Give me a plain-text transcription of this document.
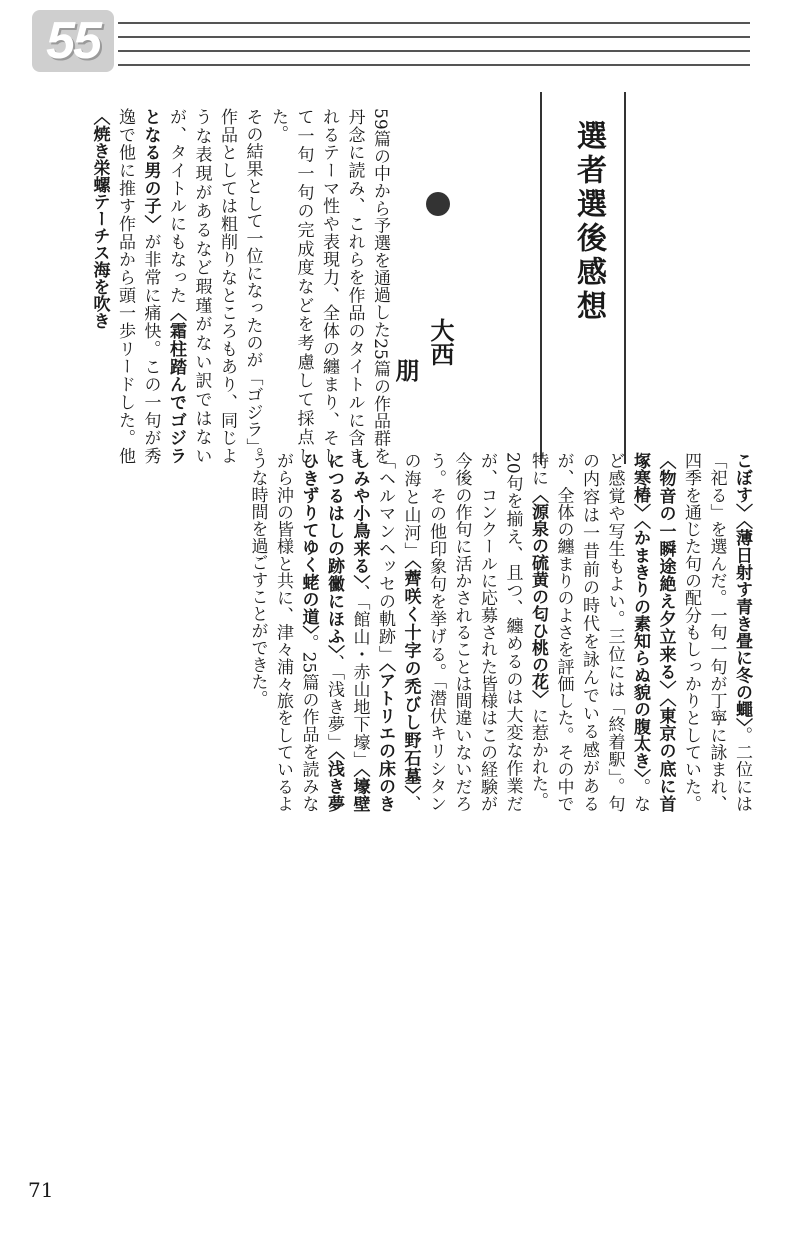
55
選者選後感想
大西
朋
59篇の中から予選を通過した25篇の作品群を丹念に読み、これらを作品のタイトルに含まれるテーマ性や表現力、全体の纏まり、そして一句一句の完成度などを考慮して採点した。
その結果として一位になったのが「ゴジラ」。作品としては粗削りなところもあり、同じような表現があるなど瑕瑾がない訳ではないが、タイトルにもなった〈霜柱踏んでゴジラとなる男の子〉が非常に痛快。この一句が秀逸で他に推す作品から頭一歩リードした。他〈焼き栄螺テーチス海を吹き
こぼす〉〈薄日射す青き畳に冬の蠅〉。二位には「祀る」を選んだ。一句一句が丁寧に詠まれ、四季を通じた句の配分もしっかりとしていた。〈物音の一瞬途絶え夕立来る〉〈東京の底に首塚寒椿〉〈かまきりの素知らぬ貌の腹太き〉。など感覚や写生もよい。三位には「終着駅」。句の内容は一昔前の時代を詠んでいる感があるが、全体の纏まりのよさを評価した。その中で特に〈源泉の硫黄の匂ひ桃の花〉に惹かれた。
20句を揃え、且つ、纏めるのは大変な作業だが、コンクールに応募された皆様はこの経験が今後の作句に活かされることは間違いないだろう。その他印象句を挙げる。「潜伏キリシタンの海と山河」〈薺咲く十字の禿びし野石墓〉、「ヘルマンヘッセの軌跡」〈アトリエの床のきしみや小鳥来る〉、「館山・赤山地下壕」〈壕壁につるはしの跡黴にほふ〉、「浅き夢」〈浅き夢ひきずりてゆく蛯の道〉。25篇の作品を読みながら沖の皆様と共に、津々浦々旅をしているような時間を過ごすことができた。
71
